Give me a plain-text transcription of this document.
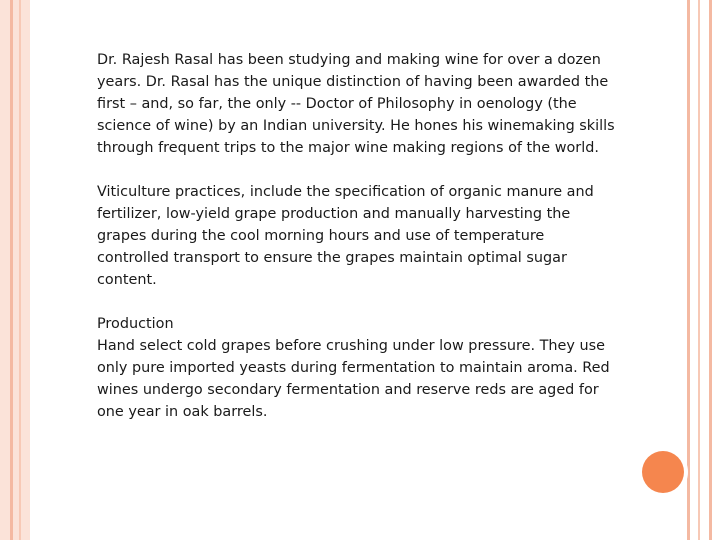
Dr. Rajesh Rasal has been studying and making wine for over a dozen years. Dr. Rasal has the unique distinction of having been awarded the first – and, so far, the only -- Doctor of Philosophy in oenology (the science of wine) by an Indian university. He hones his winemaking skills through frequent trips to the major wine making regions of the world.

Viticulture practices, include the specification of organic manure and fertilizer, low-yield grape production and manually harvesting the grapes during the cool morning hours and use of temperature controlled transport to ensure the grapes maintain optimal sugar content.

Production

Hand select cold grapes before crushing under low pressure. They use only pure imported yeasts during fermentation to maintain aroma. Red wines undergo secondary fermentation and reserve reds are aged for one year in oak barrels.
